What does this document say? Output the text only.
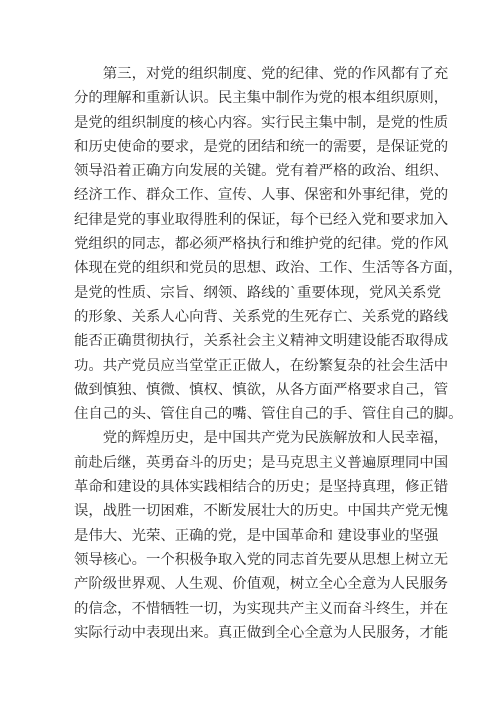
　　第三，对党的组织制度、党的纪律、党的作风都有了充
分的理解和重新认识。民主集中制作为党的根本组织原则，
是党的组织制度的核心内容。实行民主集中制，是党的性质
和历史使命的要求，是党的团结和统一的需要，是保证党的
领导沿着正确方向发展的关键。党有着严格的政治、组织、
经济工作、群众工作、宣传、人事、保密和外事纪律，党的
纪律是党的事业取得胜利的保证，每个已经入党和要求加入
党组织的同志，都必须严格执行和维护党的纪律。党的作风
体现在党的组织和党员的思想、政治、工作、生活等各方面，
是党的性质、宗旨、纲领、路线的`重要体现，党风关系党
的形象、关系人心向背、关系党的生死存亡、关系党的路线
能否正确贯彻执行，关系社会主义精神文明建设能否取得成
功。共产党员应当堂堂正正做人，在纷繁复杂的社会生活中
做到慎独、慎微、慎权、慎欲，从各方面严格要求自己，管
住自己的头、管住自己的嘴、管住自己的手、管住自己的脚。
　　党的辉煌历史，是中国共产党为民族解放和人民幸福，
前赴后继，英勇奋斗的历史；是马克思主义普遍原理同中国
革命和建设的具体实践相结合的历史；是坚持真理，修正错
误，战胜一切困难，不断发展壮大的历史。中国共产党无愧
是伟大、光荣、正确的党，是中国革命和 建设事业的坚强
领导核心。一个积极争取入党的同志首先要从思想上树立无
产阶级世界观、人生观、价值观，树立全心全意为人民服务
的信念，不惜牺牲一切，为实现共产主义而奋斗终生，并在
实际行动中表现出来。真正做到全心全意为人民服务，才能
